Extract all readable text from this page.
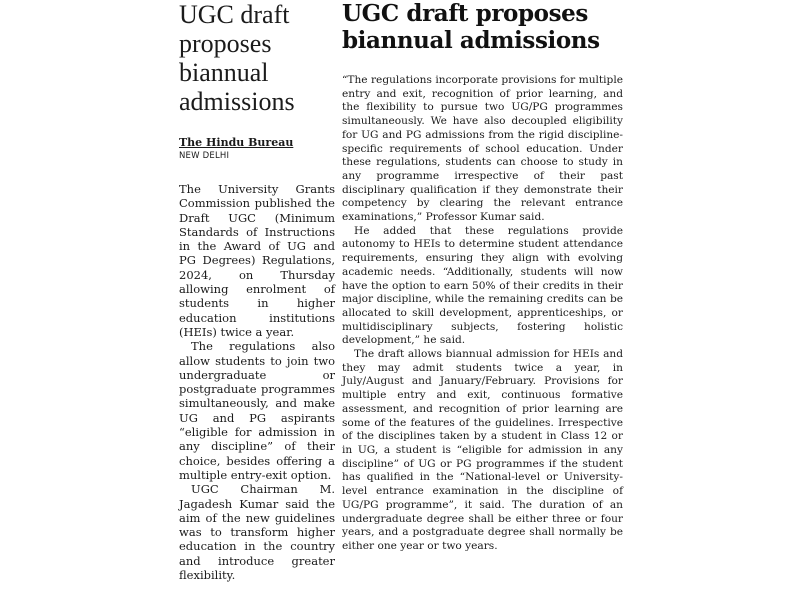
UGC draft proposes biannual admissions
The Hindu Bureau
NEW DELHI

The University Grants Commission published the Draft UGC (Minimum Standards of Instructions in the Award of UG and PG Degrees) Regulations, 2024, on Thursday allowing enrolment of students in higher education institutions (HEIs) twice a year.

The regulations also allow students to join two undergraduate or postgraduate programmes simultaneously, and make UG and PG aspirants “eligible for admission in any discipline” of their choice, besides offering a multiple entry-exit option.

UGC Chairman M. Jagadesh Kumar said the aim of the new guidelines was to transform higher education in the country and introduce greater flexibility.

UGC draft proposes biannual admissions

“The regulations incorporate provisions for multiple entry and exit, recognition of prior learning, and the flexibility to pursue two UG/PG programmes simultaneously. We have also decoupled eligibility for UG and PG admissions from the rigid discipline-specific requirements of school education. Under these regulations, students can choose to study in any programme irrespective of their past disciplinary qualification if they demonstrate their competency by clearing the relevant entrance examinations,” Professor Kumar said.

He added that these regulations provide autonomy to HEIs to determine student attendance requirements, ensuring they align with evolving academic needs. “Additionally, students will now have the option to earn 50% of their credits in their major discipline, while the remaining credits can be allocated to skill development, apprenticeships, or multidisciplinary subjects, fostering holistic development,” he said.

The draft allows biannual admission for HEIs and they may admit students twice a year, in July/August and January/February. Provisions for multiple entry and exit, continuous formative assessment, and recognition of prior learning are some of the features of the guidelines. Irrespective of the disciplines taken by a student in Class 12 or in UG, a student is “eligible for admission in any discipline” of UG or PG programmes if the student has qualified in the “National-level or University-level entrance examination in the discipline of UG/PG programme”, it said. The duration of an undergraduate degree shall be either three or four years, and a postgraduate degree shall normally be either one year or two years.
